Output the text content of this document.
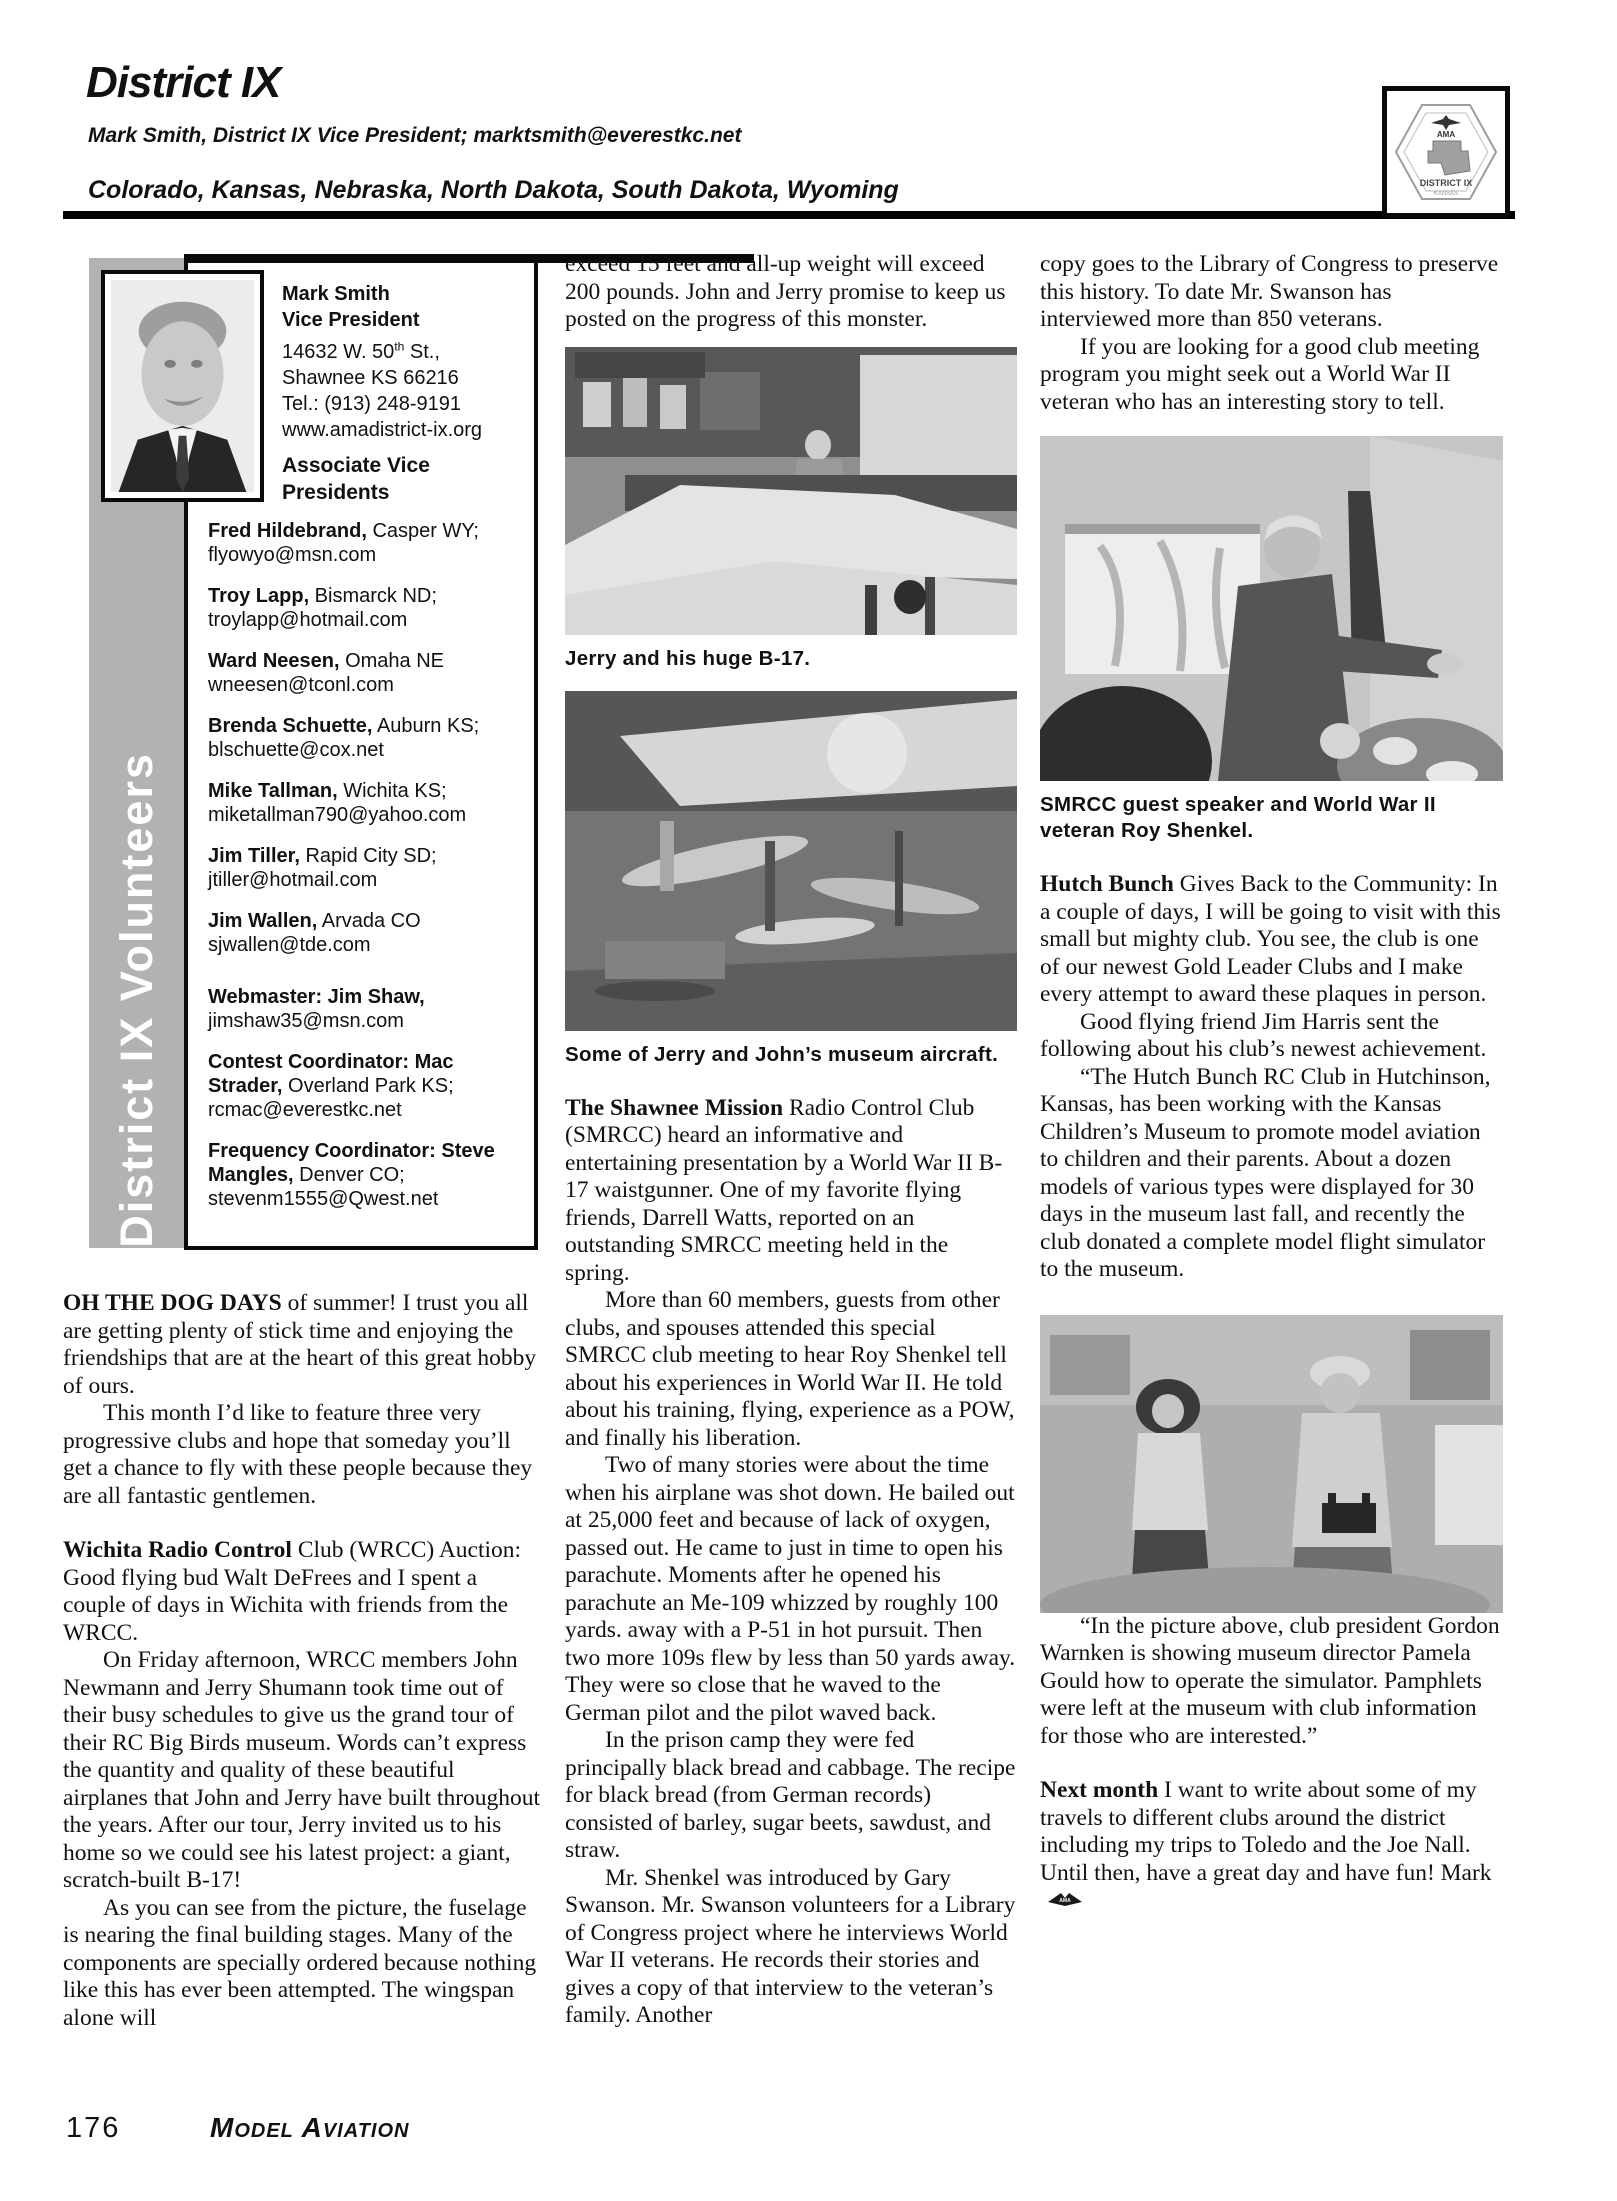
District IX
Mark Smith, District IX Vice President; marktsmith@everestkc.net
Colorado, Kansas, Nebraska, North Dakota, South Dakota, Wyoming
AMA
DISTRICT IX
KANSAS
District IX Volunteers
Mark Smith
Vice President
14632 W. 50th St.,
Shawnee KS 66216
Tel.: (913) 248-9191
www.amadistrict-ix.org
Associate Vice Presidents
Fred Hildebrand, Casper WY;
flyowyo@msn.com
Troy Lapp, Bismarck ND;
troylapp@hotmail.com
Ward Neesen, Omaha NE
wneesen@tconl.com
Brenda Schuette, Auburn KS;
blschuette@cox.net
Mike Tallman, Wichita KS;
miketallman790@yahoo.com
Jim Tiller, Rapid City SD;
jtiller@hotmail.com
Jim Wallen, Arvada CO
sjwallen@tde.com
Webmaster: Jim Shaw,
jimshaw35@msn.com
Contest Coordinator: Mac Strader, Overland Park KS;
rcmac@everestkc.net
Frequency Coordinator: Steve Mangles, Denver CO;
stevenm1555@Qwest.net

OH THE DOG DAYS of summer! I trust you all are getting plenty of stick time and enjoying the friendships that are at the heart of this great hobby of ours.

This month I’d like to feature three very progressive clubs and hope that someday you’ll get a chance to fly with these people because they are all fantastic gentlemen.

Wichita Radio Control Club (WRCC) Auction: Good flying bud Walt DeFrees and I spent a couple of days in Wichita with friends from the WRCC.

On Friday afternoon, WRCC members John Newmann and Jerry Shumann took time out of their busy schedules to give us the grand tour of their RC Big Birds museum. Words can’t express the quantity and quality of these beautiful airplanes that John and Jerry have built throughout the years. After our tour, Jerry invited us to his home so we could see his latest project: a giant, scratch-built B-17!

As you can see from the picture, the fuselage is nearing the final building stages. Many of the components are specially ordered because nothing like this has ever been attempted. The wingspan alone will

exceed 15 feet and all-up weight will exceed 200 pounds. John and Jerry promise to keep us posted on the progress of this monster.

Jerry and his huge B-17.
Some of Jerry and John’s museum aircraft.

The Shawnee Mission Radio Control Club (SMRCC) heard an informative and entertaining presentation by a World War II B-17 waistgunner. One of my favorite flying friends, Darrell Watts, reported on an outstanding SMRCC meeting held in the spring.

More than 60 members, guests from other clubs, and spouses attended this special SMRCC club meeting to hear Roy Shenkel tell about his experiences in World War II. He told about his training, flying, experience as a POW, and finally his liberation.

Two of many stories were about the time when his airplane was shot down. He bailed out at 25,000 feet and because of lack of oxygen, passed out. He came to just in time to open his parachute. Moments after he opened his parachute an Me-109 whizzed by roughly 100 yards. away with a P-51 in hot pursuit. Then two more 109s flew by less than 50 yards away. They were so close that he waved to the German pilot and the pilot waved back.

In the prison camp they were fed principally black bread and cabbage. The recipe for black bread (from German records) consisted of barley, sugar beets, sawdust, and straw.

Mr. Shenkel was introduced by Gary Swanson. Mr. Swanson volunteers for a Library of Congress project where he interviews World War II veterans. He records their stories and gives a copy of that interview to the veteran’s family. Another

copy goes to the Library of Congress to preserve this history. To date Mr. Swanson has interviewed more than 850 veterans.

If you are looking for a good club meeting program you might seek out a World War II veteran who has an interesting story to tell.

SMRCC guest speaker and World War II veteran Roy Shenkel.

Hutch Bunch Gives Back to the Community: In a couple of days, I will be going to visit with this small but mighty club. You see, the club is one of our newest Gold Leader Clubs and I make every attempt to award these plaques in person.

Good flying friend Jim Harris sent the following about his club’s newest achievement.

“The Hutch Bunch RC Club in Hutchinson, Kansas, has been working with the Kansas Children’s Museum to promote model aviation to children and their parents. About a dozen models of various types were displayed for 30 days in the museum last fall, and recently the club donated a complete model flight simulator to the museum.

“In the picture above, club president Gordon Warnken is showing museum director Pamela Gould how to operate the simulator. Pamphlets were left at the museum with club information for those who are interested.”

Next month I want to write about some of my travels to different clubs around the district including my trips to Toledo and the Joe Nall. Until then, have a great day and have fun! Mark
AMA

176	Model Aviation
